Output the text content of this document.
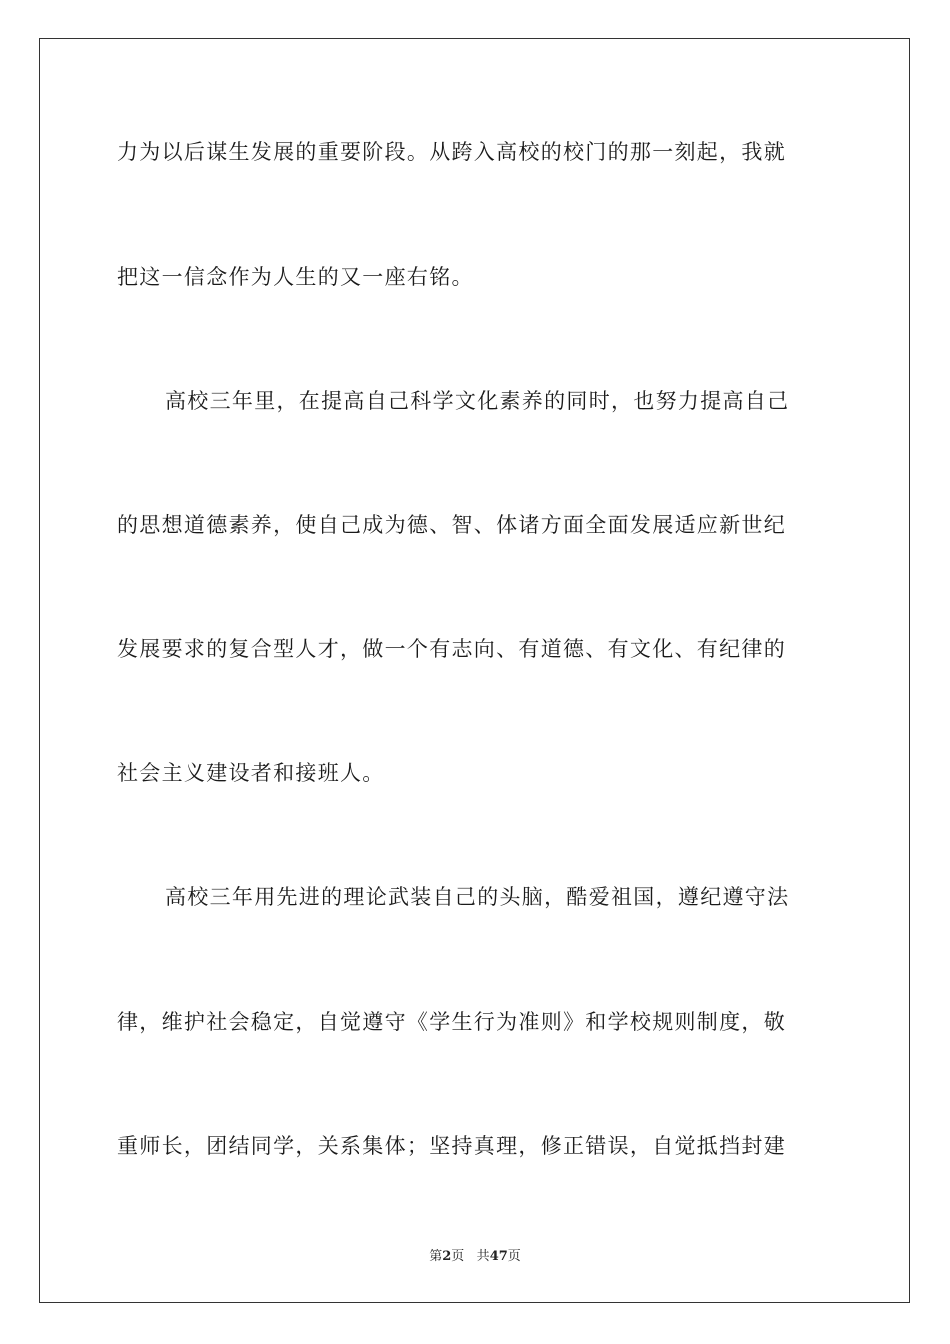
力为以后谋生发展的重要阶段。从跨入高校的校门的那一刻起，我就
把这一信念作为人生的又一座右铭。
高校三年里，在提高自己科学文化素养的同时，也努力提高自己
的思想道德素养，使自己成为德、智、体诸方面全面发展适应新世纪
发展要求的复合型人才，做一个有志向、有道德、有文化、有纪律的
社会主义建设者和接班人。
高校三年用先进的理论武装自己的头脑，酷爱祖国，遵纪遵守法
律，维护社会稳定，自觉遵守《学生行为准则》和学校规则制度，敬
重师长，团结同学，关系集体；坚持真理，修正错误，自觉抵挡封建
第2页 共47页
